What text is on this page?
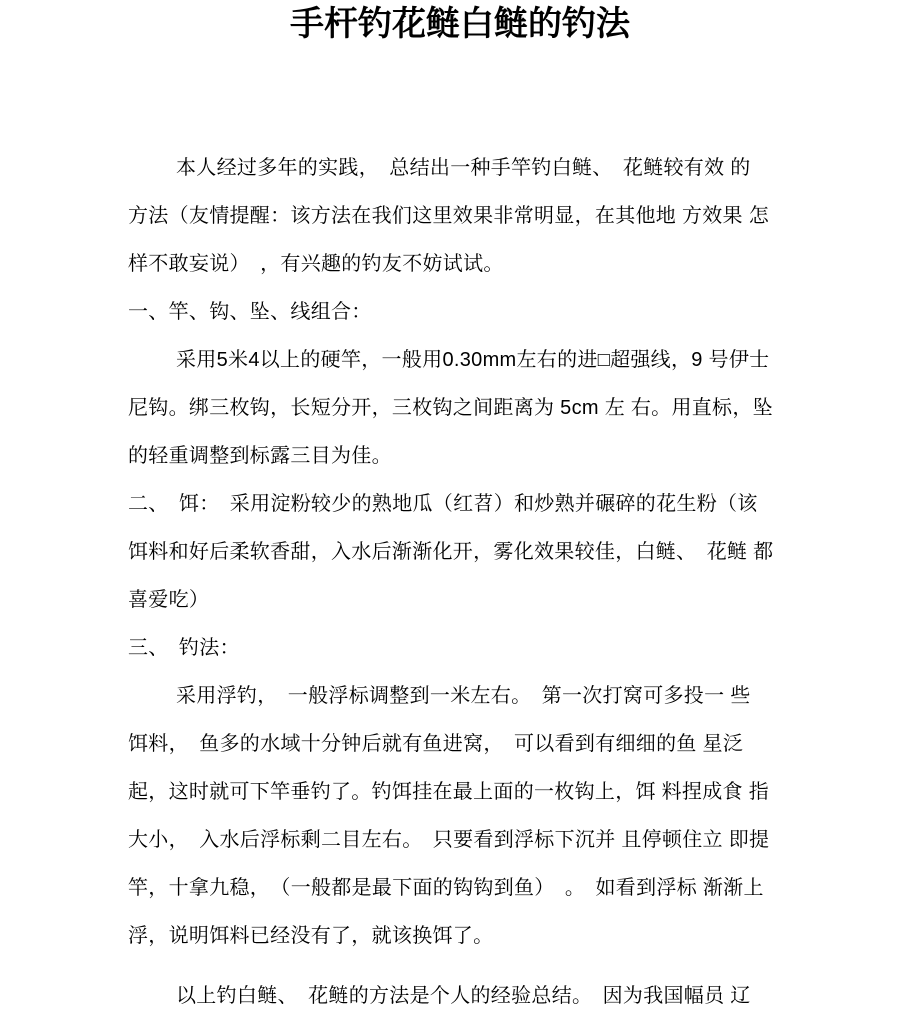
手杆钓花鲢白鲢的钓法
本人经过多年的实践，　总结出一种手竿钓白鲢、　花鲢较有效 的
方法（友情提醒：该方法在我们这里效果非常明显，在其他地 方效果 怎
样不敢妄说）　，有兴趣的钓友不妨试试。
一、竿、钩、坠、线组合：
采用5米4以上的硬竿，一般用0.30mm左右的进□超强线，9 号伊士
尼钩。绑三枚钩，长短分开，三枚钩之间距离为 5cm 左 右。用直标，坠
的轻重调整到标露三目为佳。
二、　饵：　采用淀粉较少的熟地瓜（红苕）和炒熟并碾碎的花生粉（该
饵料和好后柔软香甜，入水后渐渐化开，雾化效果较佳，白鲢、　花鲢 都
喜爱吃）
三、　钓法：
采用浮钓，　一般浮标调整到一米左右。　第一次打窝可多投一 些
饵料，　鱼多的水域十分钟后就有鱼进窝，　可以看到有细细的鱼 星泛
起，这时就可下竿垂钓了。钓饵挂在最上面的一枚钩上，饵 料捏成食 指
大小，　入水后浮标剩二目左右。　只要看到浮标下沉并 且停顿住立 即提
竿，十拿九稳，　（一般都是最下面的钩钩到鱼）　。　如看到浮标 渐渐上
浮，说明饵料已经没有了，就该换饵了。
以上钓白鲢、　花鲢的方法是个人的经验总结。　因为我国幅员 辽
